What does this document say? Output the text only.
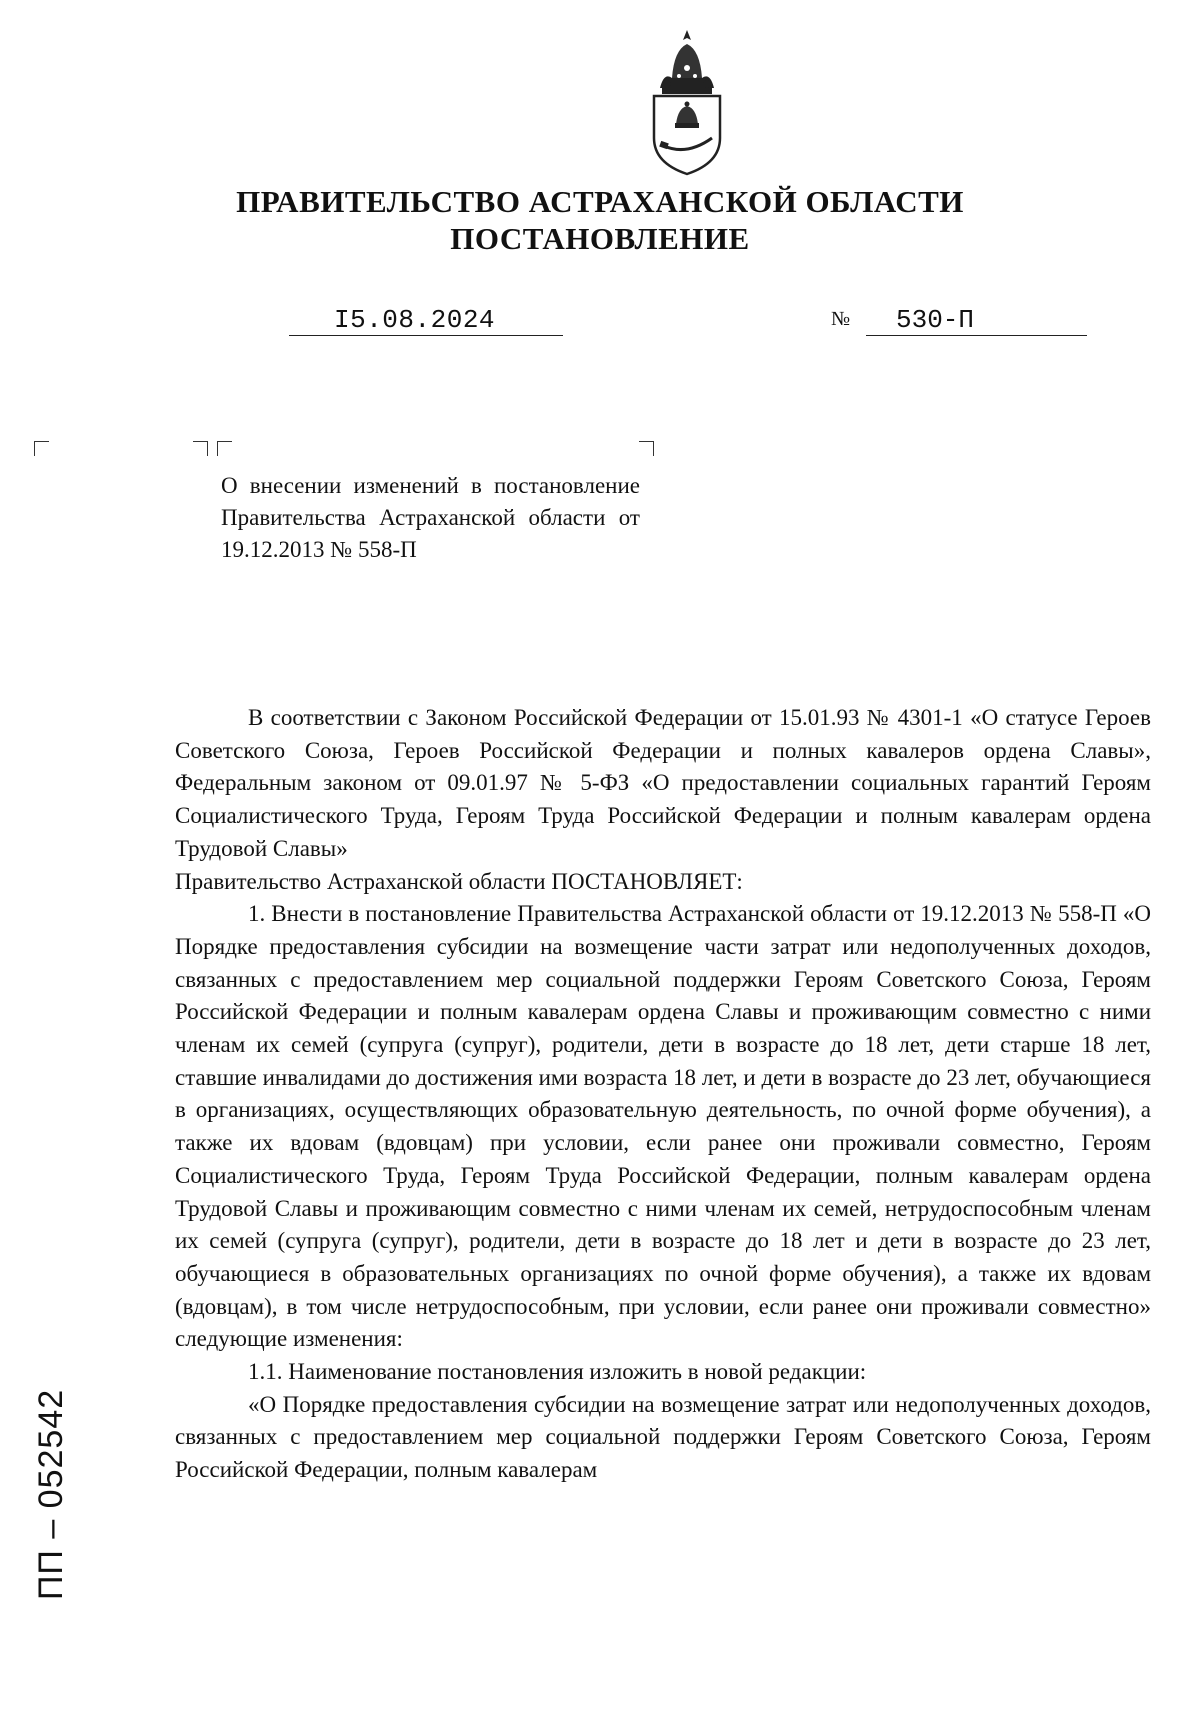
ПРАВИТЕЛЬСТВО АСТРАХАНСКОЙ ОБЛАСТИ
ПОСТАНОВЛЕНИЕ
I5.08.2024	№ 530-П
О внесении изменений в постановление Правительства Астраханской области от 19.12.2013 № 558-П

В соответствии с Законом Российской Федерации от 15.01.93 № 4301-1 «О статусе Героев Советского Союза, Героев Российской Федерации и полных кавалеров ордена Славы», Федеральным законом от 09.01.97 № 5-ФЗ «О предоставлении социальных гарантий Героям Социалистического Труда, Героям Труда Российской Федерации и полным кавалерам ордена Трудовой Славы»

Правительство Астраханской области ПОСТАНОВЛЯЕТ:

1. Внести в постановление Правительства Астраханской области от 19.12.2013 № 558-П «О Порядке предоставления субсидии на возмещение части затрат или недополученных доходов, связанных с предоставлением мер социальной поддержки Героям Советского Союза, Героям Российской Федерации и полным кавалерам ордена Славы и проживающим совместно с ними членам их семей (супруга (супруг), родители, дети в возрасте до 18 лет, дети старше 18 лет, ставшие инвалидами до достижения ими возраста 18 лет, и дети в возрасте до 23 лет, обучающиеся в организациях, осуществляющих образовательную деятельность, по очной форме обучения), а также их вдовам (вдовцам) при условии, если ранее они проживали совместно, Героям Социалистического Труда, Героям Труда Российской Федерации, полным кавалерам ордена Трудовой Славы и проживающим совместно с ними членам их семей, нетрудоспособным членам их семей (супруга (супруг), родители, дети в возрасте до 18 лет и дети в возрасте до 23 лет, обучающиеся в образовательных организациях по очной форме обучения), а также их вдовам (вдовцам), в том числе нетрудоспособным, при условии, если ранее они проживали совместно» следующие изменения:

1.1. Наименование постановления изложить в новой редакции:

«О Порядке предоставления субсидии на возмещение затрат или недополученных доходов, связанных с предоставлением мер социальной поддержки Героям Советского Союза, Героям Российской Федерации, полным кавалерам

ПП – 052542
